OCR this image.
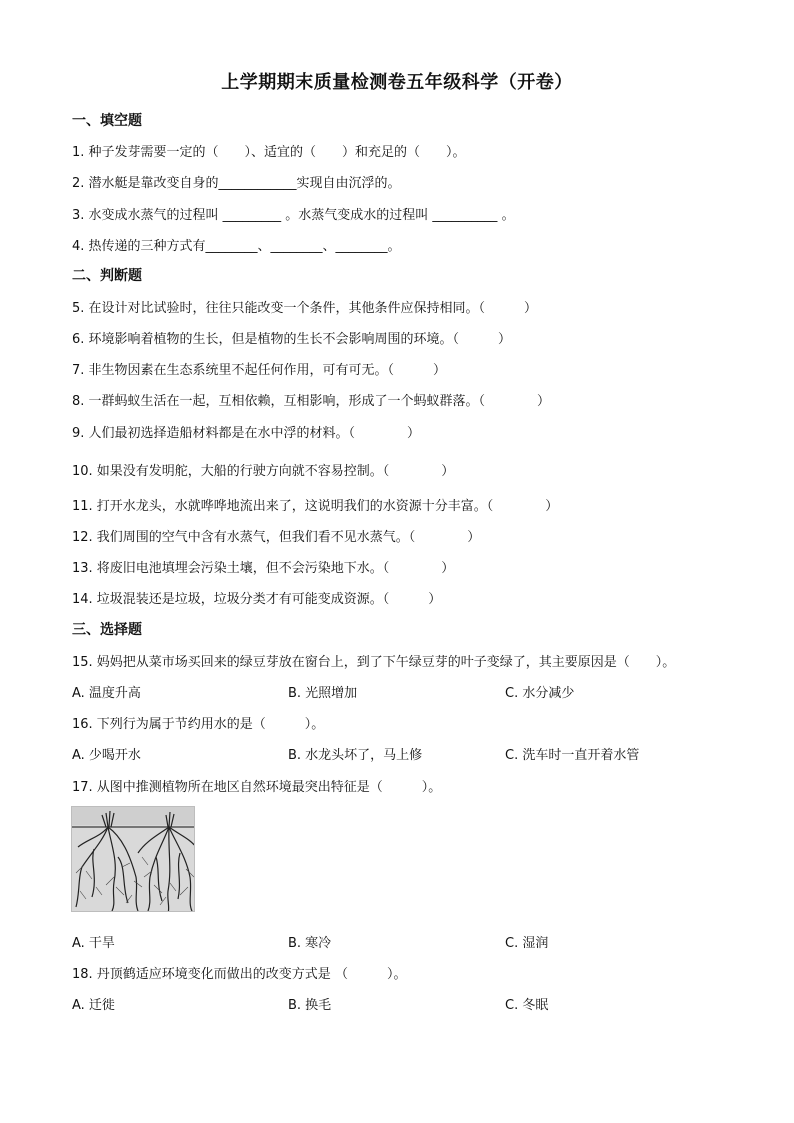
上学期期末质量检测卷五年级科学（开卷）
一、填空题
1. 种子发芽需要一定的（　　）、适宜的（　　）和充足的（　　）。
2. 潜水艇是靠改变自身的____________实现自由沉浮的。
3. 水变成水蒸气的过程叫 _________ 。水蒸气变成水的过程叫 __________ 。
4. 热传递的三种方式有________、________、________。
二、判断题
5. 在设计对比试验时，往往只能改变一个条件，其他条件应保持相同。（　　　）
6. 环境影响着植物的生长，但是植物的生长不会影响周围的环境。（　　　）
7. 非生物因素在生态系统里不起任何作用，可有可无。（　　　）
8. 一群蚂蚁生活在一起，互相依赖，互相影响，形成了一个蚂蚁群落。（　　　　）
9. 人们最初选择造船材料都是在水中浮的材料。（　　　　）
10. 如果没有发明舵，大船的行驶方向就不容易控制。（　　　　）
11. 打开水龙头，水就哗哗地流出来了，这说明我们的水资源十分丰富。（　　　　）
12. 我们周围的空气中含有水蒸气，但我们看不见水蒸气。（　　　　）
13. 将废旧电池填埋会污染土壤，但不会污染地下水。（　　　　）
14. 垃圾混装还是垃圾，垃圾分类才有可能变成资源。（　　　）
三、选择题
15. 妈妈把从菜市场买回来的绿豆芽放在窗台上，到了下午绿豆芽的叶子变绿了，其主要原因是（　　）。
A. 温度升高	B. 光照增加	C. 水分减少
16. 下列行为属于节约用水的是（　　　）。
A. 少喝开水	B. 水龙头坏了，马上修	C. 洗车时一直开着水管
17. 从图中推测植物所在地区自然环境最突出特征是（　　　）。
A. 干旱	B. 寒冷	C. 湿润
18. 丹顶鹤适应环境变化而做出的改变方式是 （　　　）。
A. 迁徙	B. 换毛	C. 冬眠
